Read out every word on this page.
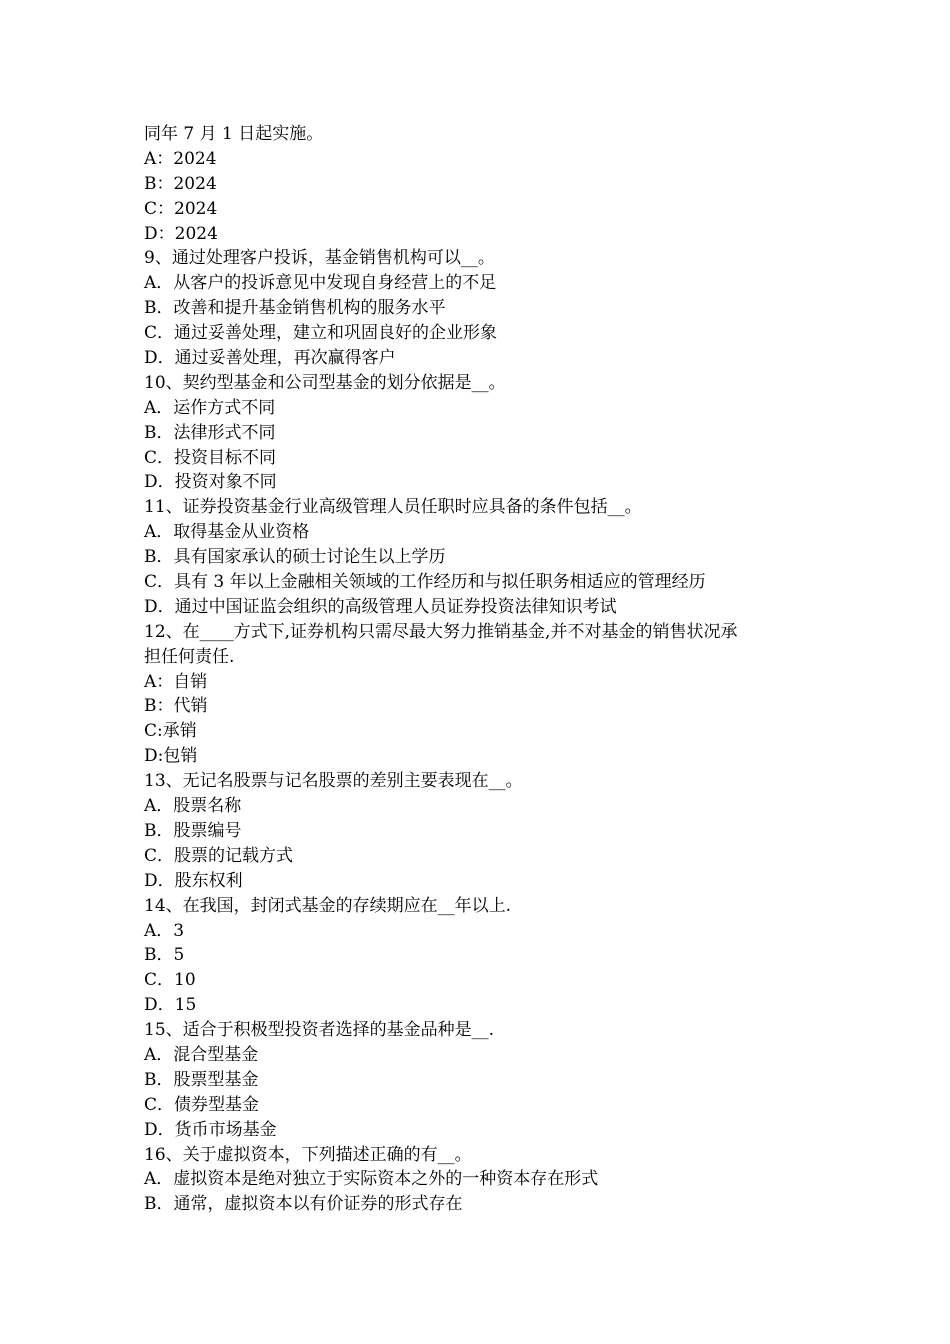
同年 7 月 1 日起实施。

A：2024

B：2024

C：2024

D：2024

9、通过处理客户投诉，基金销售机构可以__。

A．从客户的投诉意见中发现自身经营上的不足

B．改善和提升基金销售机构的服务水平

C．通过妥善处理，建立和巩固良好的企业形象

D．通过妥善处理，再次赢得客户

10、契约型基金和公司型基金的划分依据是__。

A．运作方式不同

B．法律形式不同

C．投资目标不同

D．投资对象不同

11、证券投资基金行业高级管理人员任职时应具备的条件包括__。

A．取得基金从业资格

B．具有国家承认的硕士讨论生以上学历

C．具有 3 年以上金融相关领域的工作经历和与拟任职务相适应的管理经历

D．通过中国证监会组织的高级管理人员证券投资法律知识考试

12、在____方式下,证券机构只需尽最大努力推销基金,并不对基金的销售状况承

担任何责任.

A：自销

B：代销

C:承销

D:包销

13、无记名股票与记名股票的差别主要表现在__。

A．股票名称

B．股票编号

C．股票的记载方式

D．股东权利

14、在我国，封闭式基金的存续期应在__年以上.

A．3

B．5

C．10

D．15

15、适合于积极型投资者选择的基金品种是__.

A．混合型基金

B．股票型基金

C．债券型基金

D．货币市场基金

16、关于虚拟资本，下列描述正确的有__。

A．虚拟资本是绝对独立于实际资本之外的一种资本存在形式

B．通常，虚拟资本以有价证券的形式存在
